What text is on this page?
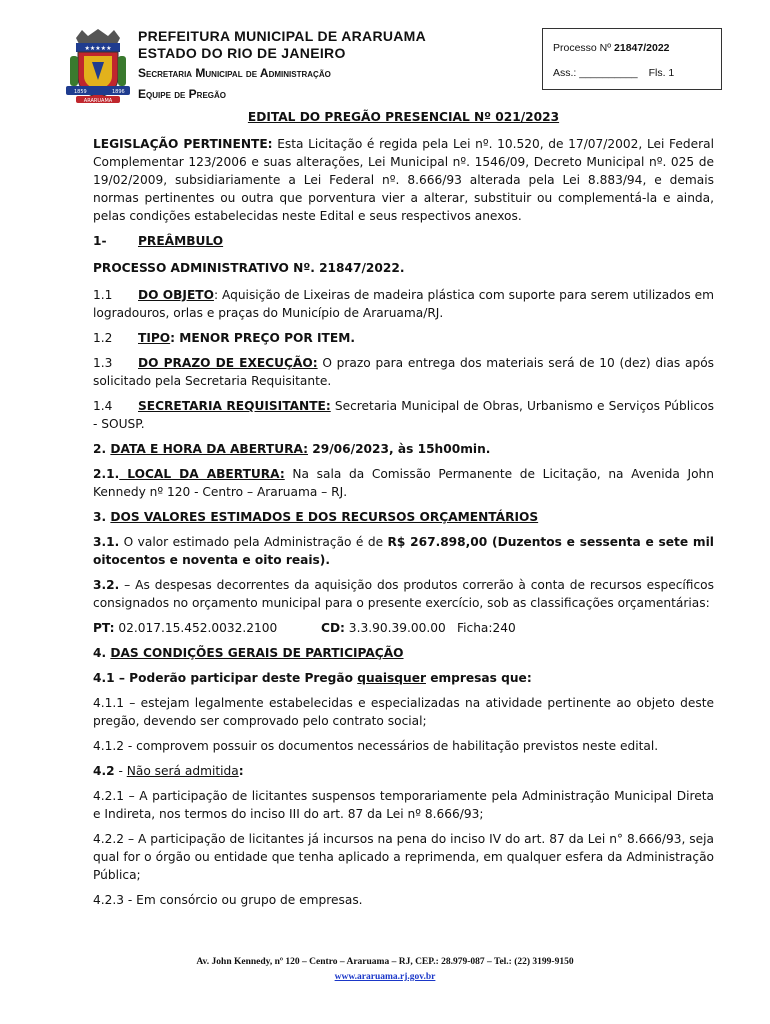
★★★★★
1859	1896
ARARUAMA
PREFEITURA MUNICIPAL DE ARARUAMA
ESTADO DO RIO DE JANEIRO
Secretaria Municipal de Administração
Equipe de Pregão
Processo Nº 21847/2022
Ass.: __________ Fls. 1

EDITAL DO PREGÃO PRESENCIAL Nº 021/2023

LEGISLAÇÃO PERTINENTE: Esta Licitação é regida pela Lei nº. 10.520, de 17/07/2002, Lei Federal Complementar 123/2006 e suas alterações, Lei Municipal nº. 1546/09, Decreto Municipal nº. 025 de 19/02/2009, subsidiariamente a Lei Federal nº. 8.666/93 alterada pela Lei 8.883/94, e demais normas pertinentes ou outra que porventura vier a alterar, substituir ou complementá-la e ainda, pelas condições estabelecidas neste Edital e seus respectivos anexos.

1-	PREÂMBULO

PROCESSO ADMINISTRATIVO Nº. 21847/2022.

1.1 DO OBJETO: Aquisição de Lixeiras de madeira plástica com suporte para serem utilizados em logradouros, orlas e praças do Município de Araruama/RJ.

1.2 TIPO: MENOR PREÇO POR ITEM.

1.3 DO PRAZO DE EXECUÇÃO: O prazo para entrega dos materiais será de 10 (dez) dias após solicitado pela Secretaria Requisitante.

1.4 SECRETARIA REQUISITANTE: Secretaria Municipal de Obras, Urbanismo e Serviços Públicos - SOUSP.

2. DATA E HORA DA ABERTURA: 29/06/2023, às 15h00min.

2.1. LOCAL DA ABERTURA: Na sala da Comissão Permanente de Licitação, na Avenida John Kennedy nº 120 - Centro – Araruama – RJ.

3. DOS VALORES ESTIMADOS E DOS RECURSOS ORÇAMENTÁRIOS

3.1. O valor estimado pela Administração é de R$ 267.898,00 (Duzentos e sessenta e sete mil oitocentos e noventa e oito reais).

3.2. – As despesas decorrentes da aquisição dos produtos correrão à conta de recursos específicos consignados no orçamento municipal para o presente exercício, sob as classificações orçamentárias:

PT: 02.017.15.452.0032.2100	CD: 3.3.90.39.00.00 Ficha:240

4. DAS CONDIÇÕES GERAIS DE PARTICIPAÇÃO

4.1 – Poderão participar deste Pregão quaisquer empresas que:

4.1.1 – estejam legalmente estabelecidas e especializadas na atividade pertinente ao objeto deste pregão, devendo ser comprovado pelo contrato social;

4.1.2 - comprovem possuir os documentos necessários de habilitação previstos neste edital.

4.2 - Não será admitida:

4.2.1 – A participação de licitantes suspensos temporariamente pela Administração Municipal Direta e Indireta, nos termos do inciso III do art. 87 da Lei nº 8.666/93;

4.2.2 – A participação de licitantes já incursos na pena do inciso IV do art. 87 da Lei n° 8.666/93, seja qual for o órgão ou entidade que tenha aplicado a reprimenda, em qualquer esfera da Administração Pública;

4.2.3 - Em consórcio ou grupo de empresas.

Av. John Kennedy, nº 120 – Centro – Araruama – RJ, CEP.: 28.979-087 – Tel.: (22) 3199-9150
www.araruama.rj.gov.br
